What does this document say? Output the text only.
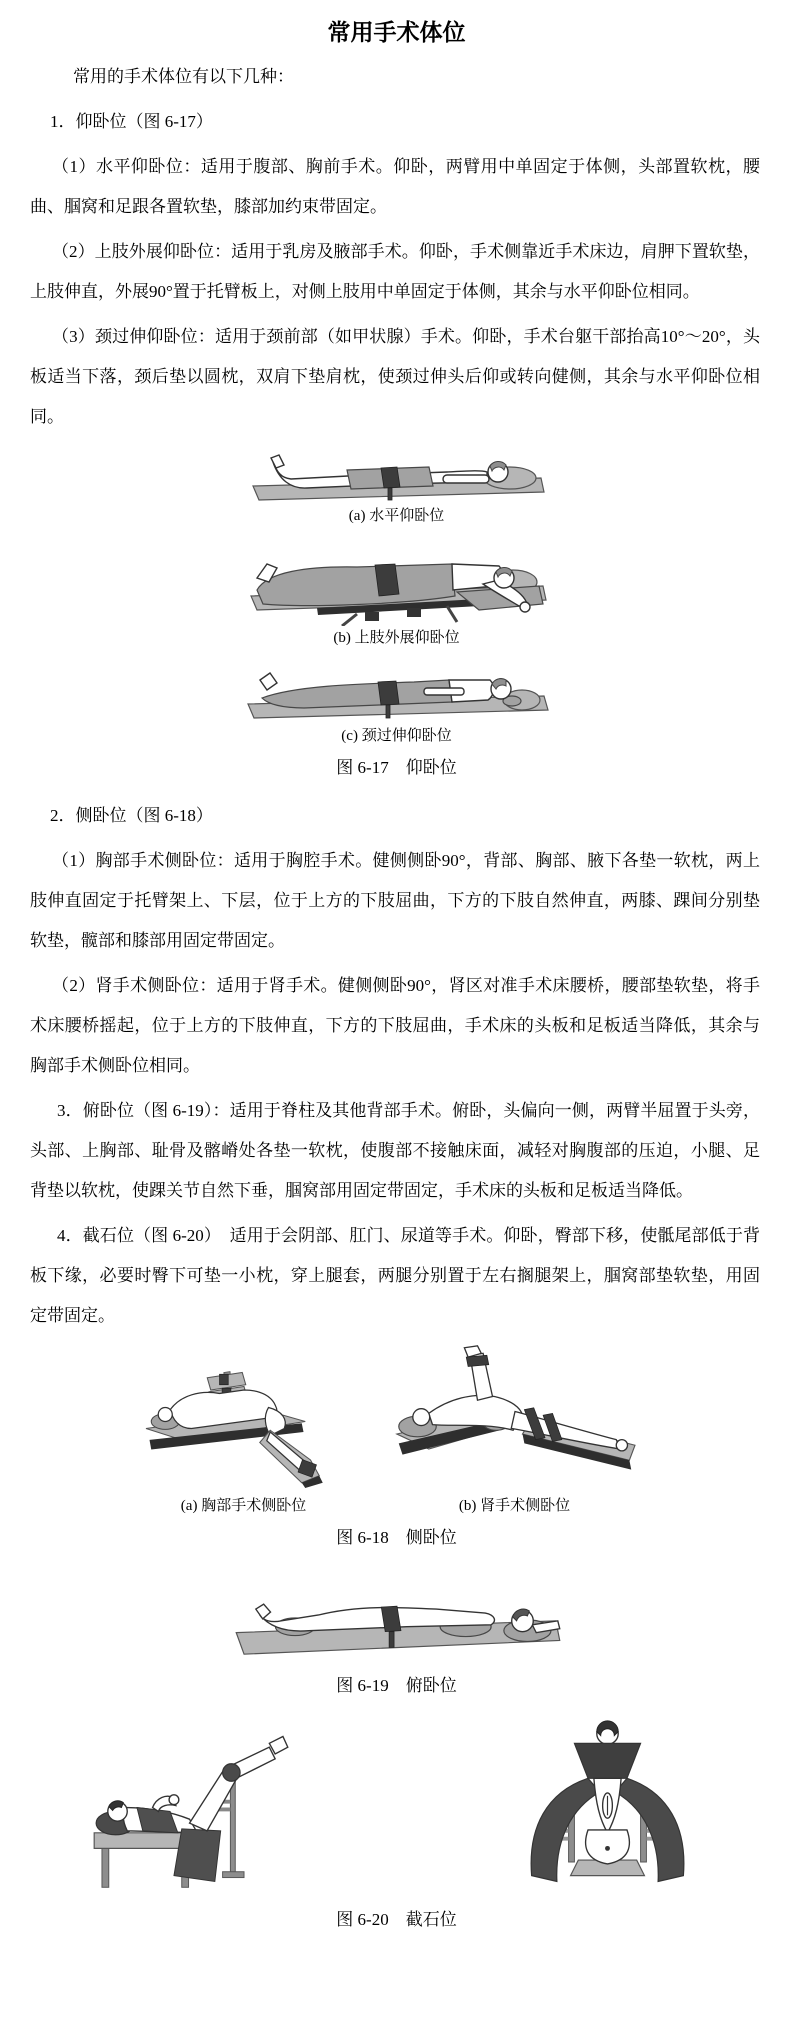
常用手术体位

常用的手术体位有以下几种：

1．仰卧位（图 6-17）

（1）水平仰卧位：适用于腹部、胸前手术。仰卧，两臂用中单固定于体侧，头部置软枕，腰曲、腘窝和足跟各置软垫，膝部加约束带固定。

（2）上肢外展仰卧位：适用于乳房及腋部手术。仰卧，手术侧靠近手术床边，肩胛下置软垫，上肢伸直，外展90°置于托臂板上，对侧上肢用中单固定于体侧，其余与水平仰卧位相同。

（3）颈过伸仰卧位：适用于颈前部（如甲状腺）手术。仰卧，手术台躯干部抬高10°～20°，头板适当下落，颈后垫以圆枕，双肩下垫肩枕，使颈过伸头后仰或转向健侧，其余与水平仰卧位相同。

(a) 水平仰卧位

(b) 上肢外展仰卧位

(c) 颈过伸仰卧位

图 6-17　仰卧位

2．侧卧位（图 6-18）

（1）胸部手术侧卧位：适用于胸腔手术。健侧侧卧90°，背部、胸部、腋下各垫一软枕，两上肢伸直固定于托臂架上、下层，位于上方的下肢屈曲，下方的下肢自然伸直，两膝、踝间分别垫软垫，髋部和膝部用固定带固定。

（2）肾手术侧卧位：适用于肾手术。健侧侧卧90°，肾区对准手术床腰桥，腰部垫软垫，将手术床腰桥摇起，位于上方的下肢伸直，下方的下肢屈曲，手术床的头板和足板适当降低，其余与胸部手术侧卧位相同。

3．俯卧位（图 6-19）：适用于脊柱及其他背部手术。俯卧，头偏向一侧，两臂半屈置于头旁，头部、上胸部、耻骨及髂嵴处各垫一软枕，使腹部不接触床面，减轻对胸腹部的压迫，小腿、足背垫以软枕，使踝关节自然下垂，腘窝部用固定带固定，手术床的头板和足板适当降低。

4．截石位（图 6-20）　适用于会阴部、肛门、尿道等手术。仰卧，臀部下移，使骶尾部低于背板下缘，必要时臀下可垫一小枕，穿上腿套，两腿分别置于左右搁腿架上，腘窝部垫软垫，用固定带固定。

(a) 胸部手术侧卧位	(b) 肾手术侧卧位

图 6-18　侧卧位

图 6-19　俯卧位

图 6-20　截石位
